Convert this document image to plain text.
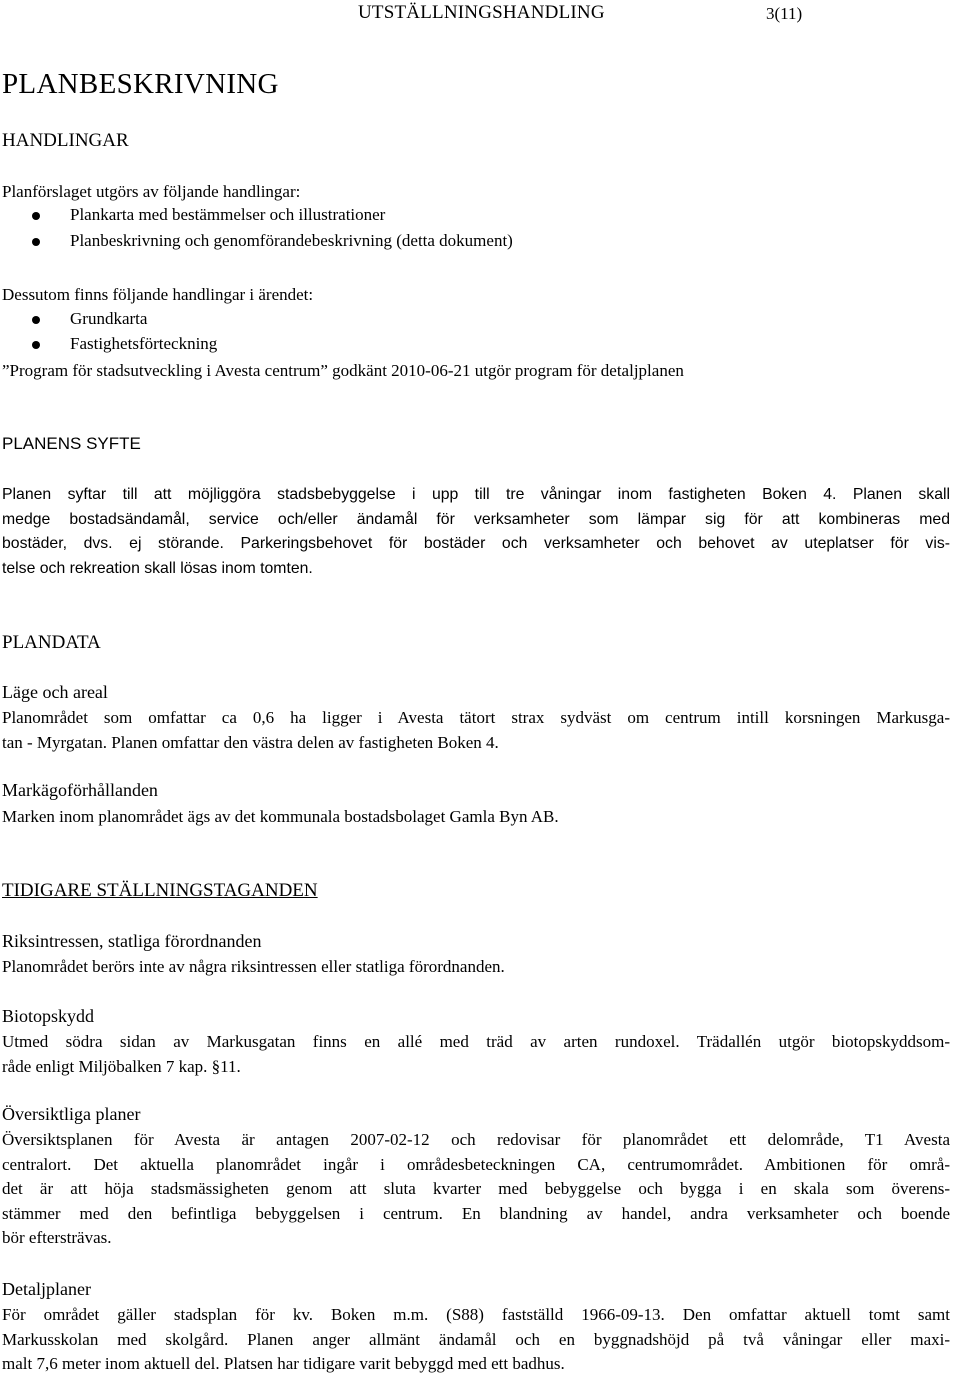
UTSTÄLLNINGSHANDLING	3(11)
PLANBESKRIVNING
HANDLINGAR
Planförslaget utgörs av följande handlingar:
Plankarta med bestämmelser och illustrationer
Planbeskrivning och genomförandebeskrivning (detta dokument)
Dessutom finns följande handlingar i ärendet:
Grundkarta
Fastighetsförteckning
”Program för stadsutveckling i Avesta centrum” godkänt 2010-06-21 utgör program för detaljplanen
PLANENS SYFTE
Planen syftar till att möjliggöra stadsbebyggelse i upp till tre våningar inom fastigheten Boken 4. Planen skall
medge bostadsändamål, service och/eller ändamål för verksamheter som lämpar sig för att kombineras med
bostäder, dvs. ej störande. Parkeringsbehovet för bostäder och verksamheter och behovet av uteplatser för vis-
telse och rekreation skall lösas inom tomten.
PLANDATA
Läge och areal
Planområdet som omfattar ca 0,6 ha ligger i Avesta tätort strax sydväst om centrum intill korsningen Markusga-
tan - Myrgatan. Planen omfattar den västra delen av fastigheten Boken 4.
Markägoförhållanden
Marken inom planområdet ägs av det kommunala bostadsbolaget Gamla Byn AB.
TIDIGARE STÄLLNINGSTAGANDEN
Riksintressen, statliga förordnanden
Planområdet berörs inte av några riksintressen eller statliga förordnanden.
Biotopskydd
Utmed södra sidan av Markusgatan finns en allé med träd av arten rundoxel. Trädallén utgör biotopskyddsom-
råde enligt Miljöbalken 7 kap. §11.
Översiktliga planer
Översiktsplanen för Avesta är antagen 2007-02-12 och redovisar för planområdet ett delområde, T1 Avesta
centralort. Det aktuella planområdet ingår i områdesbeteckningen CA, centrumområdet. Ambitionen för områ-
det är att höja stadsmässigheten genom att sluta kvarter med bebyggelse och bygga i en skala som överens-
stämmer med den befintliga bebyggelsen i centrum. En blandning av handel, andra verksamheter och boende
bör eftersträvas.
Detaljplaner
För området gäller stadsplan för kv. Boken m.m. (S88) fastställd 1966-09-13. Den omfattar aktuell tomt samt
Markusskolan med skolgård. Planen anger allmänt ändamål och en byggnadshöjd på två våningar eller maxi-
malt 7,6 meter inom aktuell del. Platsen har tidigare varit bebyggd med ett badhus.
